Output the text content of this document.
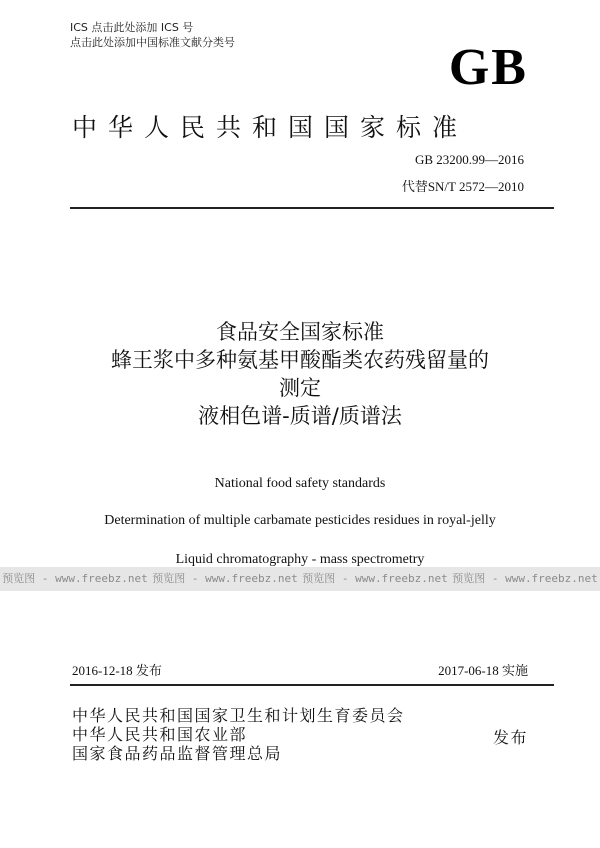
ICS 点击此处添加 ICS 号
点击此处添加中国标准文献分类号	GB
中华人民共和国国家标准
GB 23200.99—2016
代替SN/T 2572—2010
食品安全国家标准
蜂王浆中多种氨基甲酸酯类农药残留量的
测定
液相色谱-质谱/质谱法
National food safety standards
Determination of multiple carbamate pesticides residues in royal-jelly
Liquid chromatography - mass spectrometry
预览图 - www.freebz.net 预览图 - www.freebz.net 预览图 - www.freebz.net 预览图 - www.freebz.net
2016-12-18 发布	2017-06-18 实施
中华人民共和国国家卫生和计划生育委员会
中华人民共和国农业部
国家食品药品监督管理总局
发布
